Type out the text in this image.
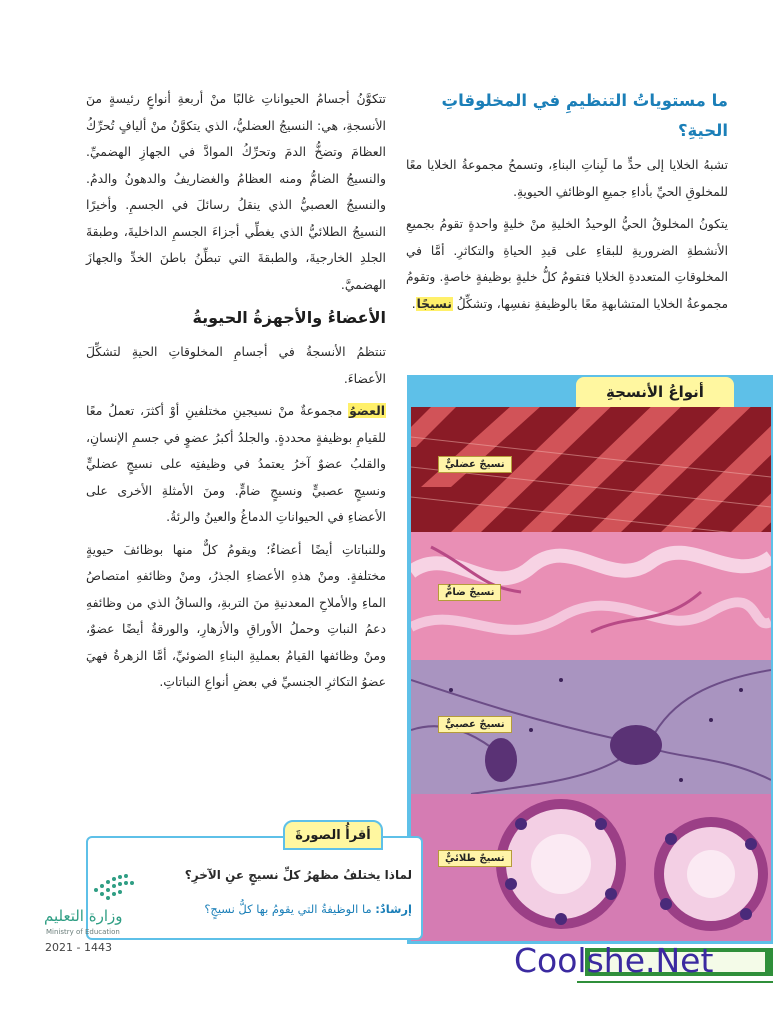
تتكوَّنُ أجسامُ الحيواناتِ غالبًا منْ أربعةِ أنواعٍ رئيسةٍ منَ الأنسجةِ، هي: النسيجُ العضليُّ، الذي يتكوَّنُ منْ أليافٍ تُحرِّكُ العظامَ وتضخُّ الدمَ وتحرِّكُ الموادَّ في الجهازِ الهضميِّ. والنسيجُ الضامُّ ومنه العظامُ والغضاريفُ والدهونُ والدمُ. والنسيجُ العصبيُّ الذي ينقلُ رسائلَ في الجسمِ. وأخيرًا النسيجُ الطلائيُّ الذي يغطِّي أجزاءَ الجسمِ الداخليةَ، وطبقةَ الجلدِ الخارجيةَ، والطبقةَ التي تبطِّنُ باطنَ الخدِّ والجهازَ الهضميَّ.

الأعضاءُ والأجهزةُ الحيويةُ

تنتظمُ الأنسجةُ في أجسامِ المخلوقاتِ الحيةِ لتشكِّلَ الأعضاءَ.

العضوُ مجموعةٌ منْ نسيجينِ مختلفينِ أوْ أكثرَ، تعملُ معًا للقيامِ بوظيفةٍ محددةٍ. والجلدُ أكبرُ عضوٍ في جسمِ الإنسانِ، والقلبُ عضوٌ آخرُ يعتمدُ في وظيفتِه على نسيجٍ عضليٍّ ونسيجٍ عصبيٍّ ونسيجٍ ضامٍّ. ومنَ الأمثلةِ الأخرى على الأعضاءِ في الحيواناتِ الدماغُ والعينُ والرئةُ.

وللنباتاتِ أيضًا أعضاءٌ؛ ويقومُ كلٌّ منها بوظائفَ حيويةٍ مختلفةٍ. ومنْ هذهِ الأعضاءِ الجذرُ، ومنْ وظائفهِ امتصاصُ الماءِ والأملاحِ المعدنيةِ منَ التربةِ، والساقُ الذي من وظائفهِ دعمُ النباتِ وحملُ الأوراقِ والأزهارِ، والورقةُ أيضًا عضوٌ، ومنْ وظائفها القيامُ بعمليةِ البناءِ الضوئيِّ، أمَّا الزهرةُ فهيَ عضوُ التكاثرِ الجنسيِّ في بعضِ أنواعِ النباتاتِ.

ما مستوياتُ التنظيمِ في المخلوقاتِ الحيةِ؟

تشبهُ الخلايا إلى حدٍّ ما لَبِناتِ البناءِ، وتسمحُ مجموعةُ الخلايا معًا للمخلوقِ الحيِّ بأداءِ جميعِ الوظائفِ الحيويةِ.

يتكونُ المخلوقُ الحيُّ الوحيدُ الخليةِ منْ خليةٍ واحدةٍ تقومُ بجميعِ الأنشطةِ الضروريةِ للبقاءِ على قيدِ الحياةِ والتكاثرِ. أمَّا في المخلوقاتِ المتعددةِ الخلايا فتقومُ كلُّ خليةٍ بوظيفةٍ خاصةٍ. وتقومُ مجموعةُ الخلايا المتشابهةِ معًا بالوظيفةِ نفسِها، وتشكِّلُ نسيجًا.

أنواعُ الأنسجةِ
نسيجٌ عضليٌّ
نسيجٌ ضامٌّ
نسيجٌ عصبيٌّ
نسيجٌ طلائيٌّ
أقرأُ الصورةَ
لماذا يختلفُ مظهرُ كلِّ نسيجٍ عنِ الآخرِ؟
إرشادٌ: ما الوظيفةُ التي يقومُ بها كلُّ نسيجٍ؟
وزارة التعليم
Ministry of Education
2021 - 1443	Coolshe.Net
